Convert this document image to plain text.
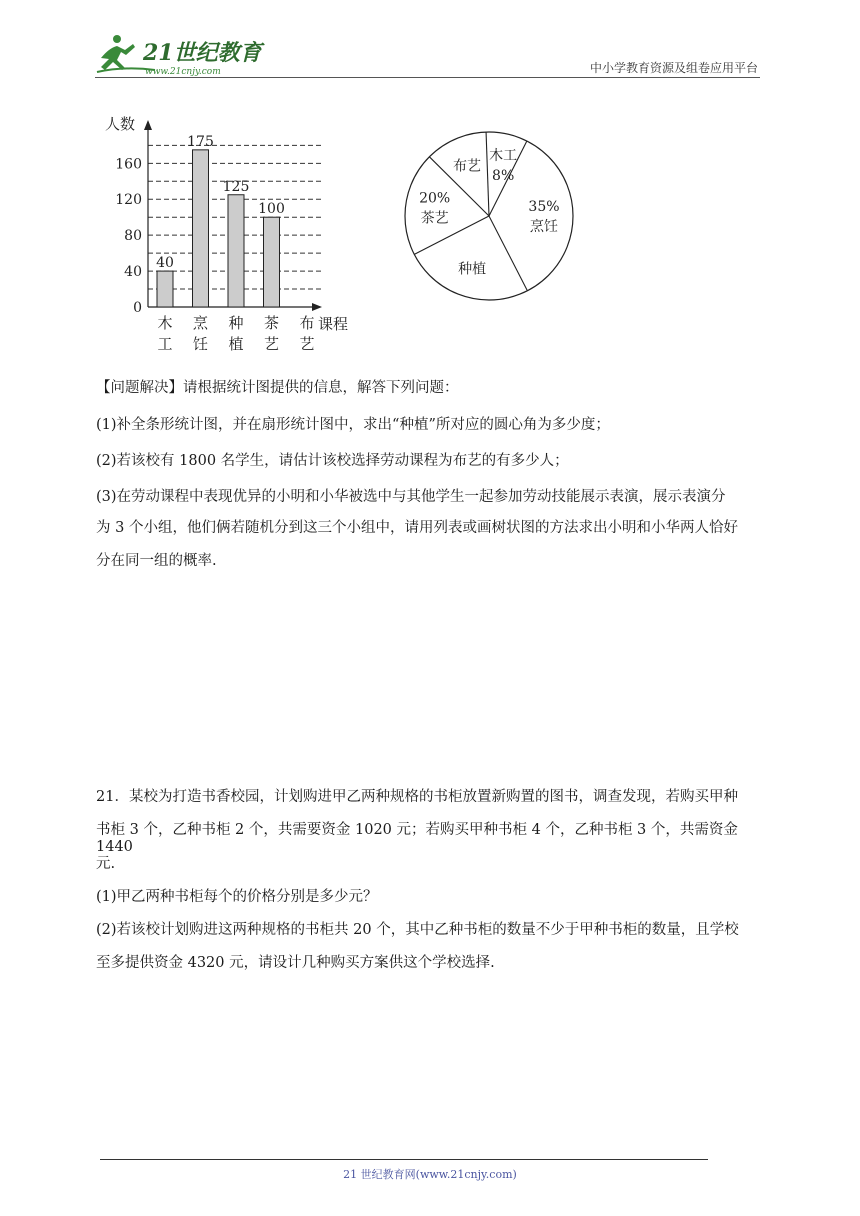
21世纪教育
www.21cnjy.com	中小学教育资源及组卷应用平台
0
40
80
120
160
人数
课程
40
木
工
175
烹
饪
125
种
植
100
茶
艺
布
艺
木工
8%
35%
烹饪
种植
20%
茶艺
布艺
【问题解决】请根据统计图提供的信息，解答下列问题：
(1)补全条形统计图，并在扇形统计图中，求出“种植”所对应的圆心角为多少度；
(2)若该校有 1800 名学生，请估计该校选择劳动课程为布艺的有多少人；
(3)在劳动课程中表现优异的小明和小华被选中与其他学生一起参加劳动技能展示表演，展示表演分
为 3 个小组，他们俩若随机分到这三个小组中，请用列表或画树状图的方法求出小明和小华两人恰好
分在同一组的概率.
21．某校为打造书香校园，计划购进甲乙两种规格的书柜放置新购置的图书，调查发现，若购买甲种
书柜 3 个，乙种书柜 2 个，共需要资金 1020 元；若购买甲种书柜 4 个，乙种书柜 3 个，共需资金 1440
元.
(1)甲乙两种书柜每个的价格分别是多少元？
(2)若该校计划购进这两种规格的书柜共 20 个，其中乙种书柜的数量不少于甲种书柜的数量，且学校
至多提供资金 4320 元，请设计几种购买方案供这个学校选择.
21 世纪教育网(www.21cnjy.com)
